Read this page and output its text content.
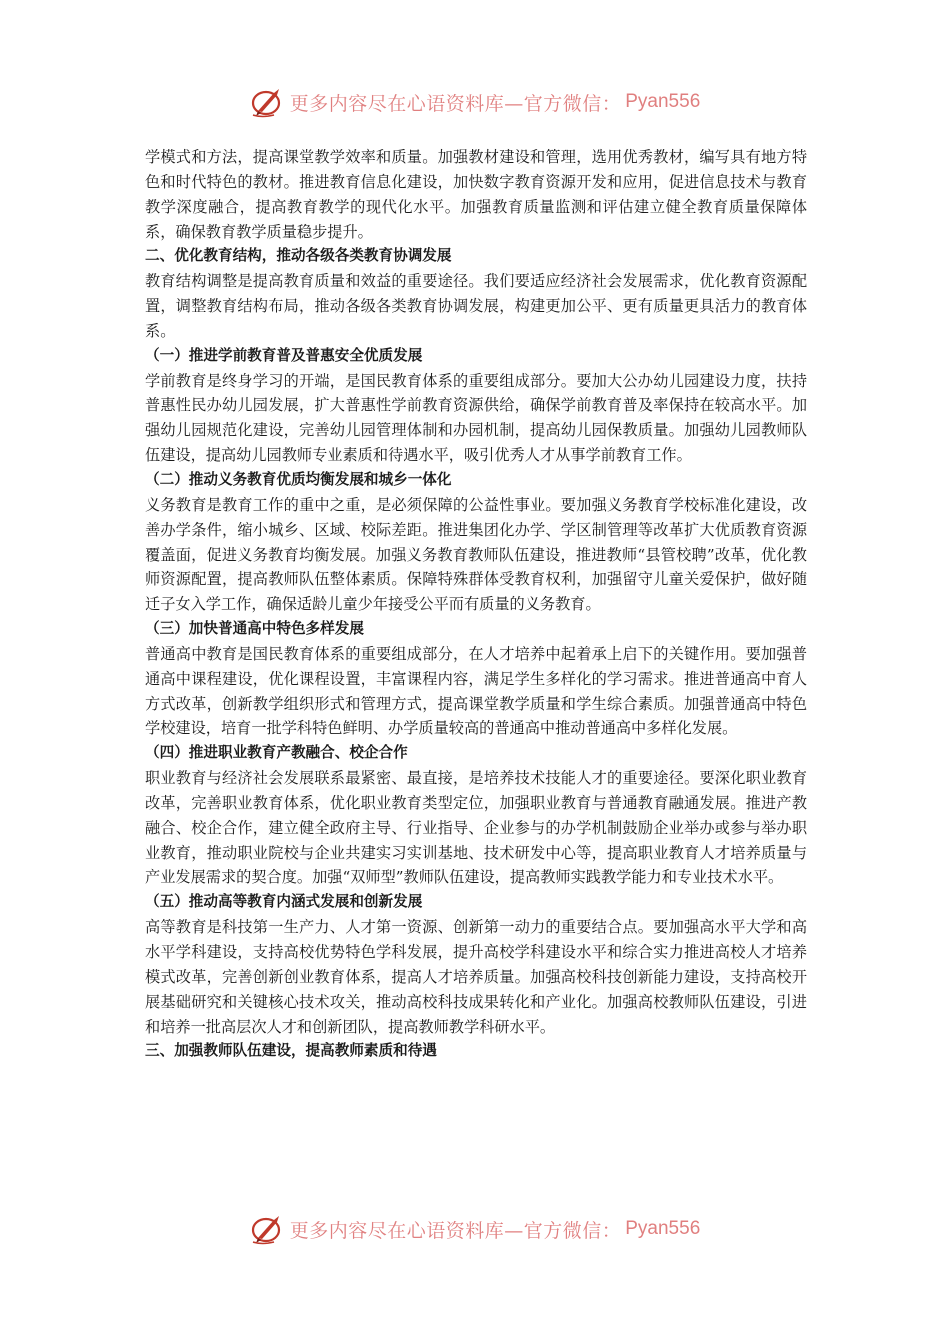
更多内容尽在心语资料库—官方微信： Pyan556

学模式和方法，提高课堂教学效率和质量。加强教材建设和管理，选用优秀教材，编写具有地方特色和时代特色的教材。推进教育信息化建设，加快数字教育资源开发和应用，促进信息技术与教育教学深度融合，提高教育教学的现代化水平。加强教育质量监测和评估建立健全教育质量保障体系，确保教育教学质量稳步提升。

二、优化教育结构，推动各级各类教育协调发展

教育结构调整是提高教育质量和效益的重要途径。我们要适应经济社会发展需求，优化教育资源配置，调整教育结构布局，推动各级各类教育协调发展，构建更加公平、更有质量更具活力的教育体系。

（一）推进学前教育普及普惠安全优质发展

学前教育是终身学习的开端，是国民教育体系的重要组成部分。要加大公办幼儿园建设力度，扶持普惠性民办幼儿园发展，扩大普惠性学前教育资源供给，确保学前教育普及率保持在较高水平。加强幼儿园规范化建设，完善幼儿园管理体制和办园机制，提高幼儿园保教质量。加强幼儿园教师队伍建设，提高幼儿园教师专业素质和待遇水平，吸引优秀人才从事学前教育工作。

（二）推动义务教育优质均衡发展和城乡一体化

义务教育是教育工作的重中之重，是必须保障的公益性事业。要加强义务教育学校标准化建设，改善办学条件，缩小城乡、区域、校际差距。推进集团化办学、学区制管理等改革扩大优质教育资源覆盖面，促进义务教育均衡发展。加强义务教育教师队伍建设，推进教师“县管校聘”改革，优化教师资源配置，提高教师队伍整体素质。保障特殊群体受教育权利，加强留守儿童关爱保护，做好随迁子女入学工作，确保适龄儿童少年接受公平而有质量的义务教育。

（三）加快普通高中特色多样发展

普通高中教育是国民教育体系的重要组成部分，在人才培养中起着承上启下的关键作用。要加强普通高中课程建设，优化课程设置，丰富课程内容，满足学生多样化的学习需求。推进普通高中育人方式改革，创新教学组织形式和管理方式，提高课堂教学质量和学生综合素质。加强普通高中特色学校建设，培育一批学科特色鲜明、办学质量较高的普通高中推动普通高中多样化发展。

（四）推进职业教育产教融合、校企合作

职业教育与经济社会发展联系最紧密、最直接，是培养技术技能人才的重要途径。要深化职业教育改革，完善职业教育体系，优化职业教育类型定位，加强职业教育与普通教育融通发展。推进产教融合、校企合作，建立健全政府主导、行业指导、企业参与的办学机制鼓励企业举办或参与举办职业教育，推动职业院校与企业共建实习实训基地、技术研发中心等，提高职业教育人才培养质量与产业发展需求的契合度。加强“双师型”教师队伍建设，提高教师实践教学能力和专业技术水平。

（五）推动高等教育内涵式发展和创新发展

高等教育是科技第一生产力、人才第一资源、创新第一动力的重要结合点。要加强高水平大学和高水平学科建设，支持高校优势特色学科发展，提升高校学科建设水平和综合实力推进高校人才培养模式改革，完善创新创业教育体系，提高人才培养质量。加强高校科技创新能力建设，支持高校开展基础研究和关键核心技术攻关，推动高校科技成果转化和产业化。加强高校教师队伍建设，引进和培养一批高层次人才和创新团队，提高教师教学科研水平。

三、加强教师队伍建设，提高教师素质和待遇

更多内容尽在心语资料库—官方微信： Pyan556
